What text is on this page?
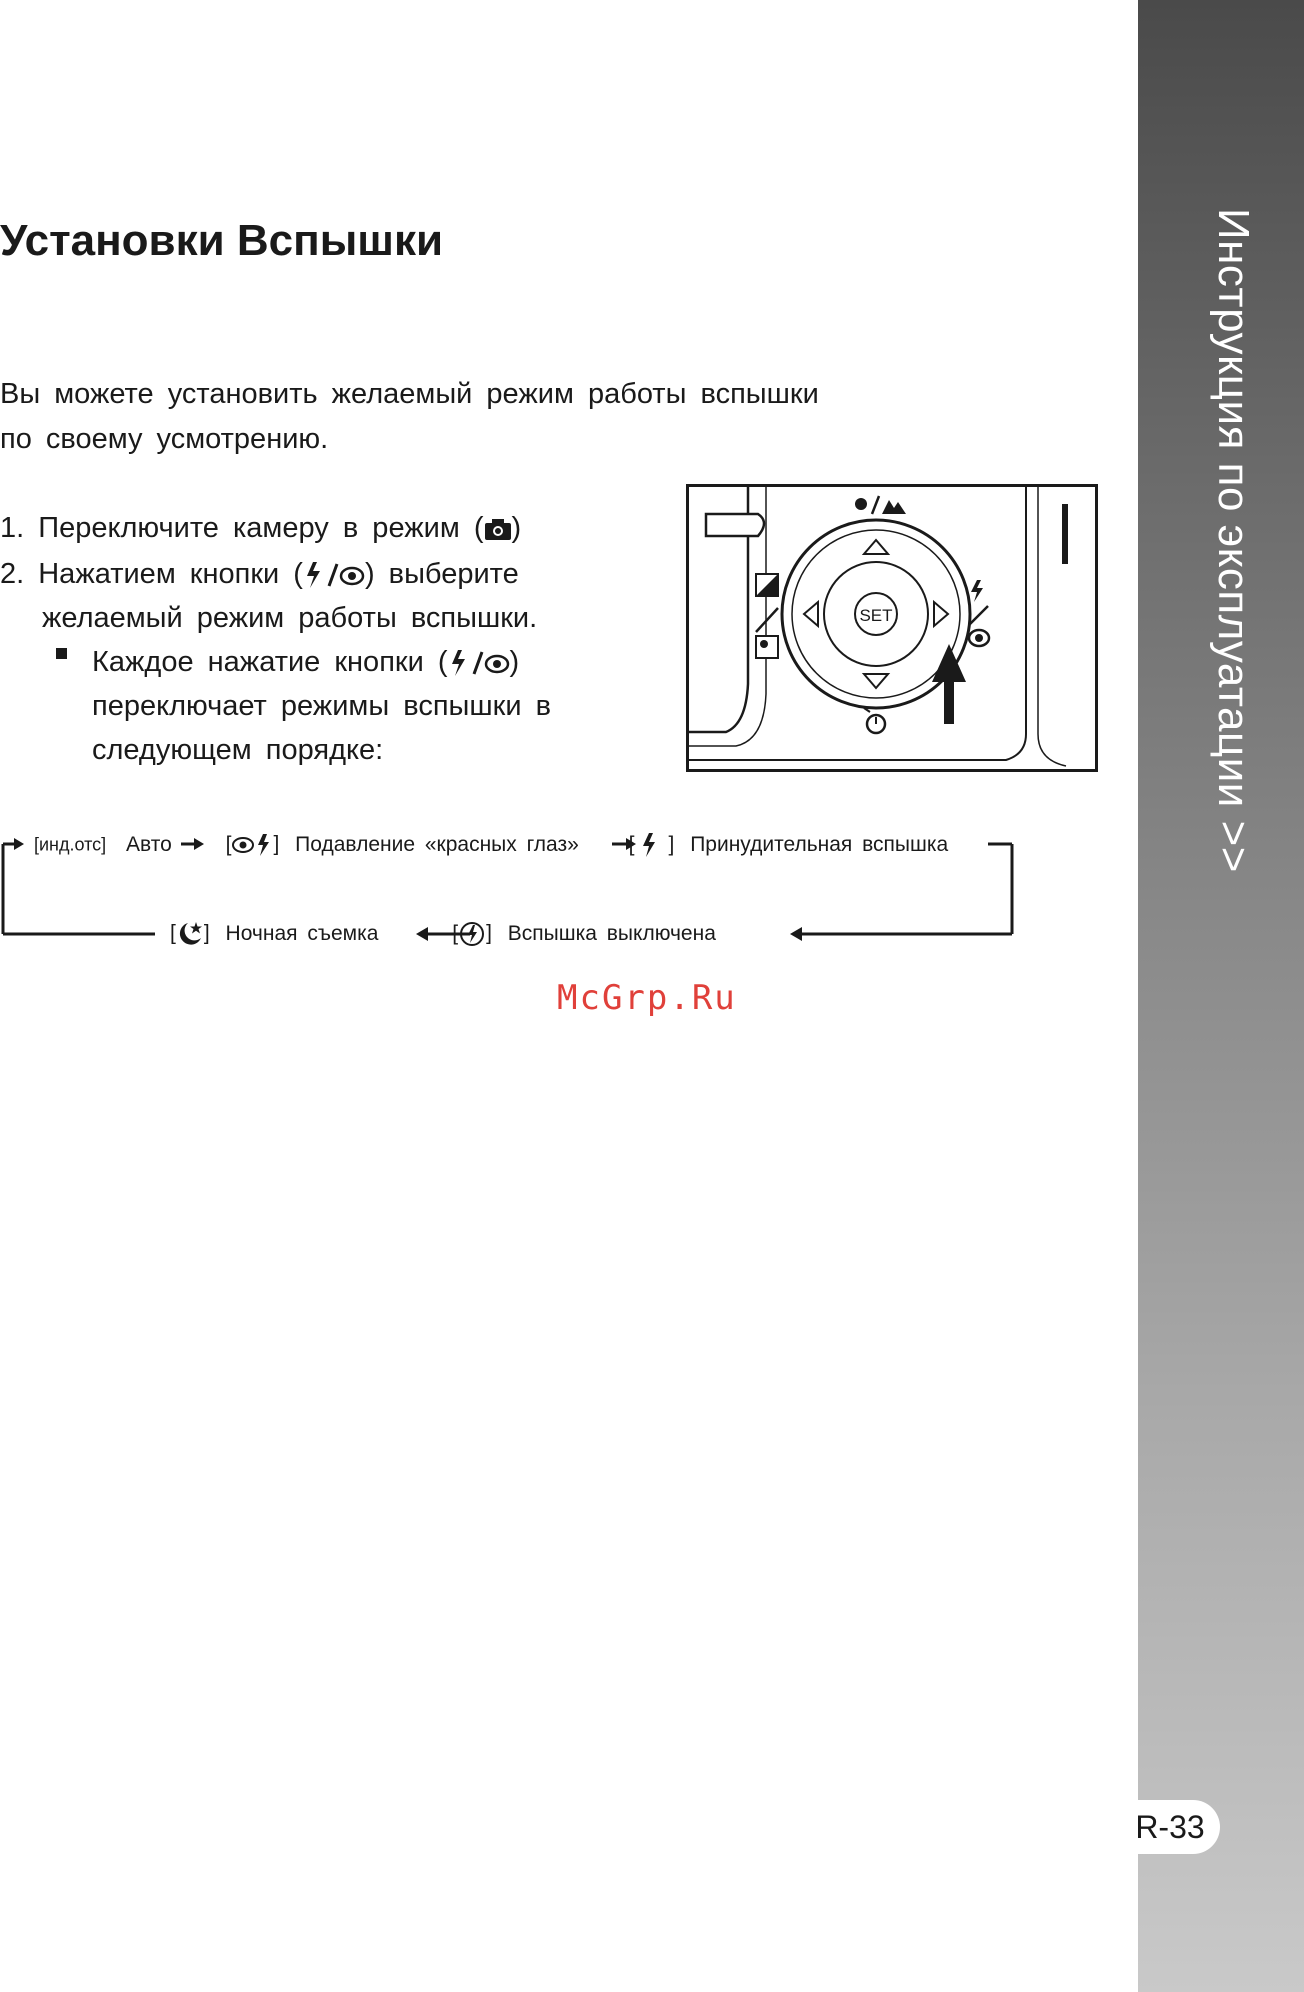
Инструкция по эксплуатации >>
R-33
Установки Вспышки
Вы можете установить желаемый режим работы вспышки
по своему усмотрению.
1. Переключите камеру в режим ( )
2. Нажатием кнопки ( ) выберите
желаемый режим работы вспышки.
Каждое нажатие кнопки ( )
переключает режимы вспышки в
следующем порядке:
SET
[инд.отс] Авто	[ ] Подавление «красных глаз» [ ] Принудительная вспышка
[ ] Ночная съемка	[ ] Вспышка выключена
McGrp.Ru
